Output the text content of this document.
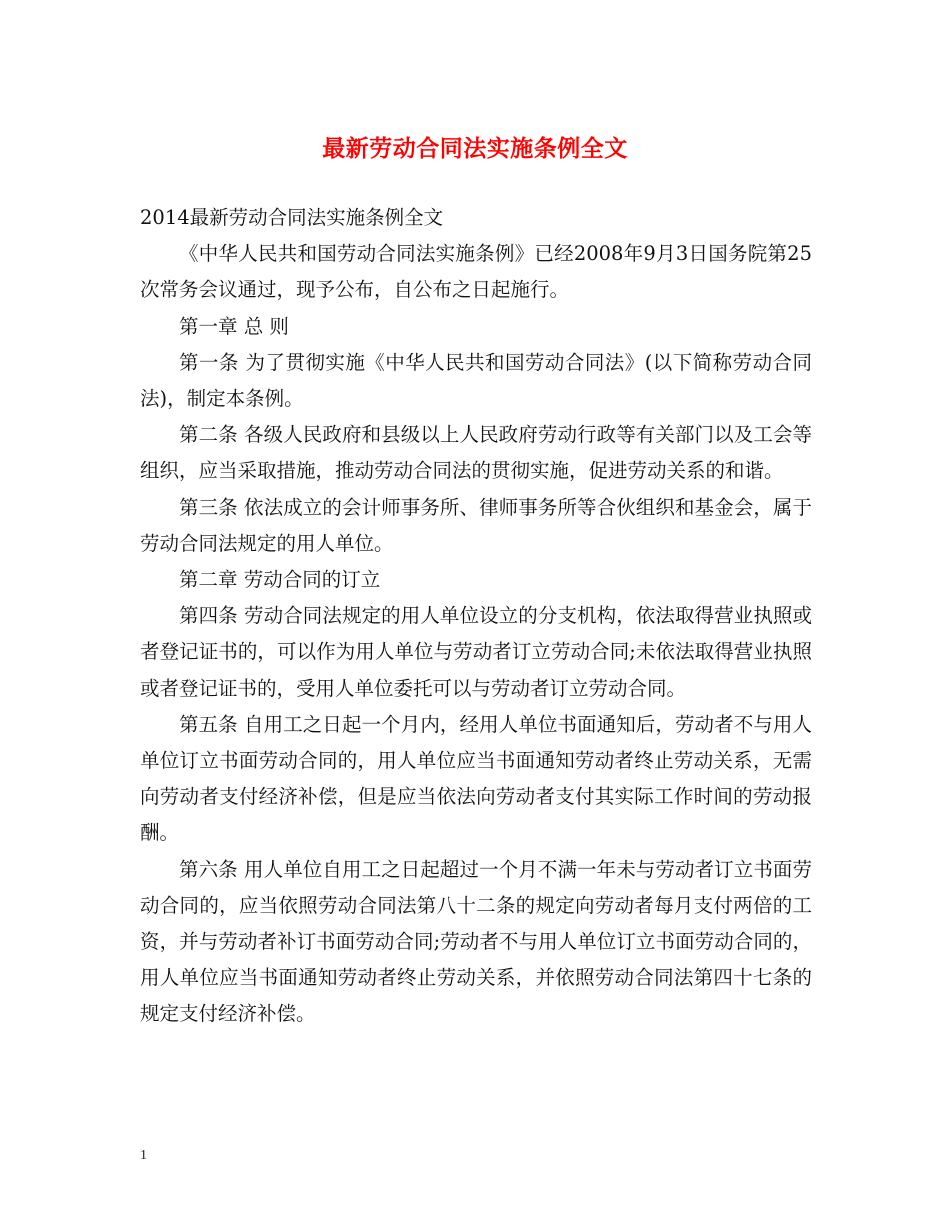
最新劳动合同法实施条例全文

2014最新劳动合同法实施条例全文

《中华人民共和国劳动合同法实施条例》已经2008年9月3日国务院第25次常务会议通过，现予公布，自公布之日起施行。

第一章 总 则

第一条 为了贯彻实施《中华人民共和国劳动合同法》(以下简称劳动合同法)，制定本条例。

第二条 各级人民政府和县级以上人民政府劳动行政等有关部门以及工会等组织，应当采取措施，推动劳动合同法的贯彻实施，促进劳动关系的和谐。

第三条 依法成立的会计师事务所、律师事务所等合伙组织和基金会，属于劳动合同法规定的用人单位。

第二章 劳动合同的订立

第四条 劳动合同法规定的用人单位设立的分支机构，依法取得营业执照或者登记证书的，可以作为用人单位与劳动者订立劳动合同;未依法取得营业执照或者登记证书的，受用人单位委托可以与劳动者订立劳动合同。

第五条 自用工之日起一个月内，经用人单位书面通知后，劳动者不与用人单位订立书面劳动合同的，用人单位应当书面通知劳动者终止劳动关系，无需向劳动者支付经济补偿，但是应当依法向劳动者支付其实际工作时间的劳动报酬。

第六条 用人单位自用工之日起超过一个月不满一年未与劳动者订立书面劳动合同的，应当依照劳动合同法第八十二条的规定向劳动者每月支付两倍的工资，并与劳动者补订书面劳动合同;劳动者不与用人单位订立书面劳动合同的，用人单位应当书面通知劳动者终止劳动关系，并依照劳动合同法第四十七条的规定支付经济补偿。

1
